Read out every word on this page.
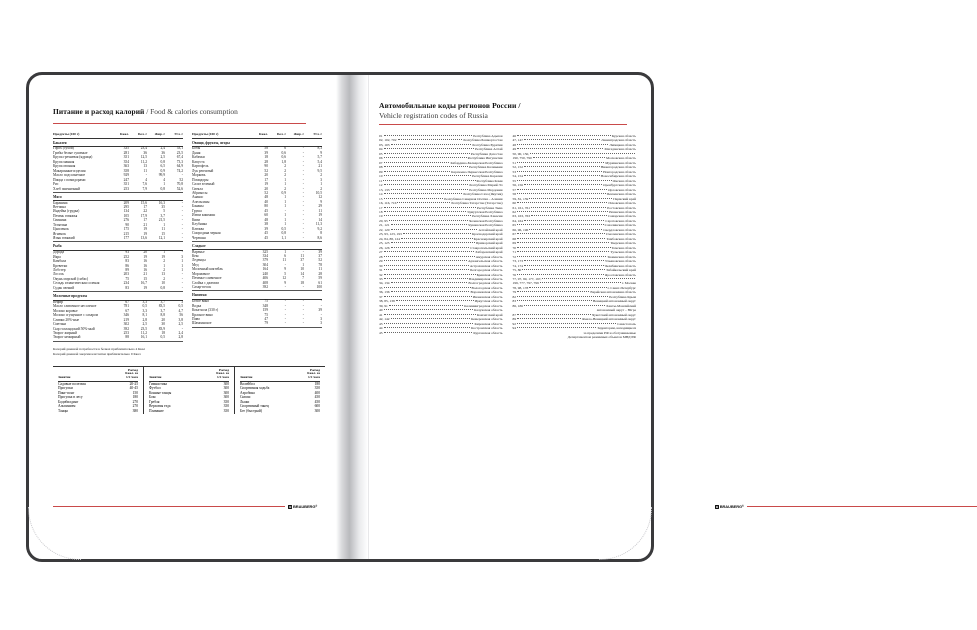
Питание и расход калорий / Food & calories consumption
Продукты (100 г)	Ккал.	Бел. г	Жир. г	Угл. г
Бакалея				
Горох (сухой)	335	23,4	2,4	53,1
Грибы белые сушеные	281	36	36	23,5
Крупа гречневая (ядрица)	351	12,5	2,5	67,4
Крупа манная	354	11,2	0,8	73,3
Крупа овсяная	363	13	6,5	64,9
Макаронные изделия	358	11	0,9	74,2
Масло подсолнечное	929	-	99,9	-
Пицца с помидорами	247	4	4	52
Рис	351	7,6	1	70,8
Хлеб пшеничный	253	7,9	0,8	52,6
Мясо				
Баранина	209	15,6	16,3	-
Ветчина	295	17	35	-
Индейка (грудка)	134	22	5	-
Печень говяжья	105	17,9	3,7	-
Свинина	276	17	21,5	-
Телятина	90	21	1	-
Цыпленок	175	19	11	-
Ягненок	215	19	15	-
Язык говяжий	177	13,6	12,1	-
Рыба				
Дорада	93	20	1	-
Икра	252	19	19	3
Камбала	83	16	2	1
Креветки	86	16	1	1
Лобстер	89	16	2	1
Лосось	203	21	13	-
Окунь морской (сибас)	75	15	2	-
Сельдь атлантическая соленая	234	16,7	10	-
Судак свежий	83	19	0,8	-
Молочные продукты				
Кефир	67	3,3	3,7	3
Масло сливочное несоленое	781	0,5	83,5	0,5
Молоко коровье	67	3,3	3,7	4,7
Молоко сгущенное с сахаром	346	8,1	8,8	56
Сливки 20%-ные	219	2,8	20	3,8
Сметана	302	2,5	30	2,5
Сыр голландский 50%-ный	392	23,5	83,9	-
Творог жирный	253	11,2	18	2,4
Творог нежирный	88	16,1	0,5	2,8
Продукты (100 г)	Ккал.	Бел. г	Жир. г	Угл. г
Овощи, фрукты, ягоды				
Бобы	58	6	-	8,3
Дыня	39	0,6	-	9
Кабачки	18	0,6	-	5,7
Капуста	28	1,8	-	5,4
Картофель	90	2	-	21
Лук репчатый	52	2	-	9,5
Морковь	20	2	-	2
Помидоры	17	1	-	3
Салат зеленый	19	1	-	1
Свекла	20	2	-	2
Абрикосы	52	0,9	-	10,5
Ананас	48	1	-	12
Апельсины	40	1	-	9
Бананы	80	1	-	29
Груша	45	-	-	11
Изюм кишмиш	60	1	-	19
Киви	48	1	-	14
Клубника	38	1	-	11,3
Клюква	39	0,5	-	9,2
Смородина черная	45	0,8	-	8
Черешня	45	1,1	-	8,6
Сладкое				
Варенье	325	1	-	39
Кекс	334	6	11	37
Леденцы	379	11	37	52
Мед	304	-	1	78
Молочный коктейль	164	9	10	11
Мороженое	240	5	14	28
Печенье сливочное	406	12	7	59
Слойка с джемом	408	9	18	61
Сахар-песок	392	-	-	100
Напитки				
Белое вино	75	-	-	-
Водка	348	-	-	-
Кока-кола (330 г)	159	-	-	39
Красное вино	75	-	-	-
Пиво	47	-	-	3
Шампанское	79	-	-	3
Калорий дневной потребности в белках приблизительно 4 Ккал
Калорий дневной энергии клетчатки приблизительно 9 Ккал
Занятие	Расход
Ккал. за
1/2 часа

Садовые полеззия	20-25
Прогулки	40-45
Пинг-понг	150
Прогулка в лесу	180
Бодибилдинг	270
Альпинизм	270
Танцы	380
Занятие	Расход
Ккал. за
1/2 часа

Гимнастика	300
Футбол	300
Конные танцы	300
Бокс	300
Гребля	350
Верховая езда	350
Плавание	350
Занятие	Расход
Ккал. за
1/2 часа

Волейбол	180
Спортивная ходьба	350
Аэробика	400
Сквош	450
Лыжи	450
Спортивный танец	600
Бег (быстрый)	300
B BRAUBERG ®
Автомобильные коды регионов России /
Vehicle registration codes of Russia
01	Республика Адыгея
02, 102, 702	Республика Башкортостан
03, 103	Республика Бурятия
04	Республика Алтай
05	Республика Дагестан
06	Республика Ингушетия
07	Кабардино-Балкарская Республика
08	Республика Калмыкия
09	Карачаево-Черкесская Республика
10	Республика Карелия
11	Республика Коми
12	Республика Марий Эл
13, 133	Республика Мордовия
14	Республика Саха (Якутия)
15	Республика Северная Осетия – Алания
16, 116, 716	Республика Татарстан (Татарстан)
17	Республика Тыва
18	Удмуртская Республика
19	Республика Хакасия
20, 95	Чеченская Республика
21, 121	Чувашская Республика
22, 120	Алтайский край
23, 93, 123, 193	Краснодарский край
24, 84, 88, 124	Красноярский край
25, 125	Приморский край
26, 126	Ставропольский край
27	Хабаровский край
28	Амурская область
29	Архангельская область
30	Астраханская область
31	Белгородская область
32	Брянская область
33	Владимирская область
34, 134	Волгоградская область
35	Вологодская область
36, 136	Воронежская область
37	Ивановская область
38, 85, 138	Иркутская область
39, 91	Калининградская область
40	Калужская область
41	Камчатский край
42, 142	Кемеровская область
43	Кировская область
44	Костромская область
45	Курганская область
46	Курская область
47, 147	Ленинградская область
48	Липецкая область
49	Магаданская область
50, 90, 150,
190, 750, 790	Московская область
51	Мурманская область
52, 152	Нижегородская область
53	Новгородская область
54, 154	Новосибирская область
55	Омская область
56, 156	Оренбургская область
57	Орловская область
58	Пензенская область
59, 81, 159	Пермский край
60	Псковская область
61, 161, 761	Ростовская область
62	Рязанская область
63, 163, 763	Самарская область
64, 164	Саратовская область
65	Сахалинская область
66, 96, 196	Свердловская область
67	Смоленская область
68	Тамбовская область
69	Тверская область
70	Томская область
71	Тульская область
72	Тюменская область
73, 173	Ульяновская область
74, 174	Челябинская область
75, 80	Забайкальский край
76	Ярославская область
77, 97, 99, 177, 197,
199, 777, 797, 799	г. Москва
78, 98, 178	г. Санкт-Петербург
79	Еврейская автономная область
82	Республика Крым
83	Ненецкий автономный округ
86, 186	Ханты-Мансийский
автономный округ – Югра
87	Чукотский автономный округ
89	Ямало-Ненецкий автономный округ
92	Севастополь
94	Территории, находящиеся
за пределами РФ и обслуживаемые
Департаментом режимных объектов МВД РФ
B BRAUBERG ®
